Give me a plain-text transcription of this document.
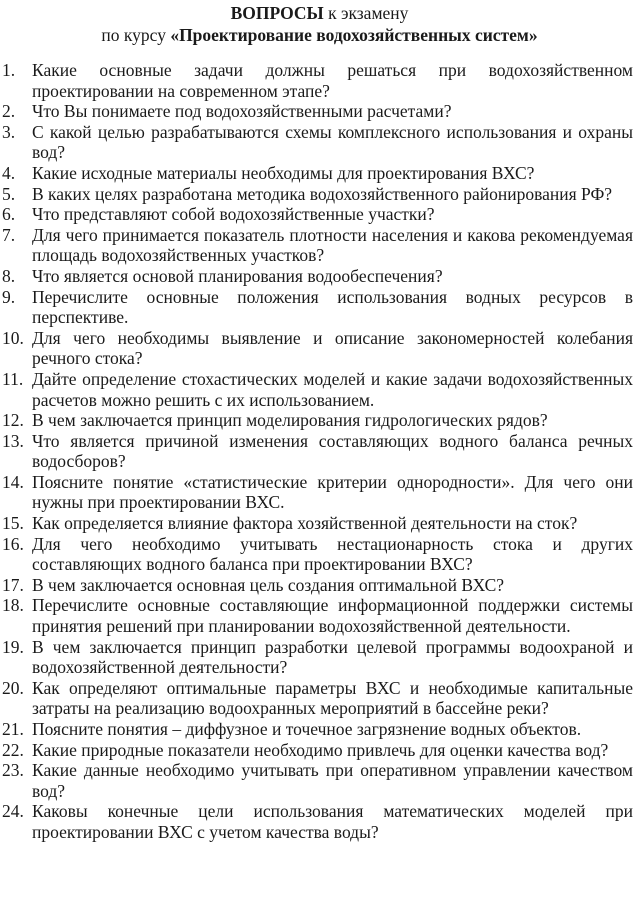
ВОПРОСЫ к экзамену
по курсу «Проектирование водохозяйственных систем»
1. Какие основные задачи должны решаться при водохозяйственном проектировании на современном этапе?
2. Что Вы понимаете под водохозяйственными расчетами?
3. С какой целью разрабатываются схемы комплексного использования и охраны вод?
4. Какие исходные материалы необходимы для проектирования ВХС?
5. В каких целях разработана методика водохозяйственного районирования РФ?
6. Что представляют собой водохозяйственные участки?
7. Для чего принимается показатель плотности населения и какова рекомендуемая площадь водохозяйственных участков?
8. Что является основой планирования водообеспечения?
9. Перечислите основные положения использования водных ресурсов в перспективе.
10. Для чего необходимы выявление и описание закономерностей колебания речного стока?
11. Дайте определение стохастических моделей и какие задачи водохозяйственных расчетов можно решить с их использованием.
12. В чем заключается принцип моделирования гидрологических рядов?
13. Что является причиной изменения составляющих водного баланса речных водосборов?
14. Поясните понятие «статистические критерии однородности». Для чего они нужны при проектировании ВХС.
15. Как определяется влияние фактора хозяйственной деятельности на сток?
16. Для чего необходимо учитывать нестационарность стока и других составляющих водного баланса при проектировании ВХС?
17. В чем заключается основная цель создания оптимальной ВХС?
18. Перечислите основные составляющие информационной поддержки системы принятия решений при планировании водохозяйственной деятельности.
19. В чем заключается принцип разработки целевой программы водоохраной и водохозяйственной деятельности?
20. Как определяют оптимальные параметры ВХС и необходимые капитальные затраты на реализацию водоохранных мероприятий в бассейне реки?
21. Поясните понятия – диффузное и точечное загрязнение водных объектов.
22. Какие природные показатели необходимо привлечь для оценки качества вод?
23. Какие данные необходимо учитывать при оперативном управлении качеством вод?
24. Каковы конечные цели использования математических моделей при проектировании ВХС с учетом качества воды?
